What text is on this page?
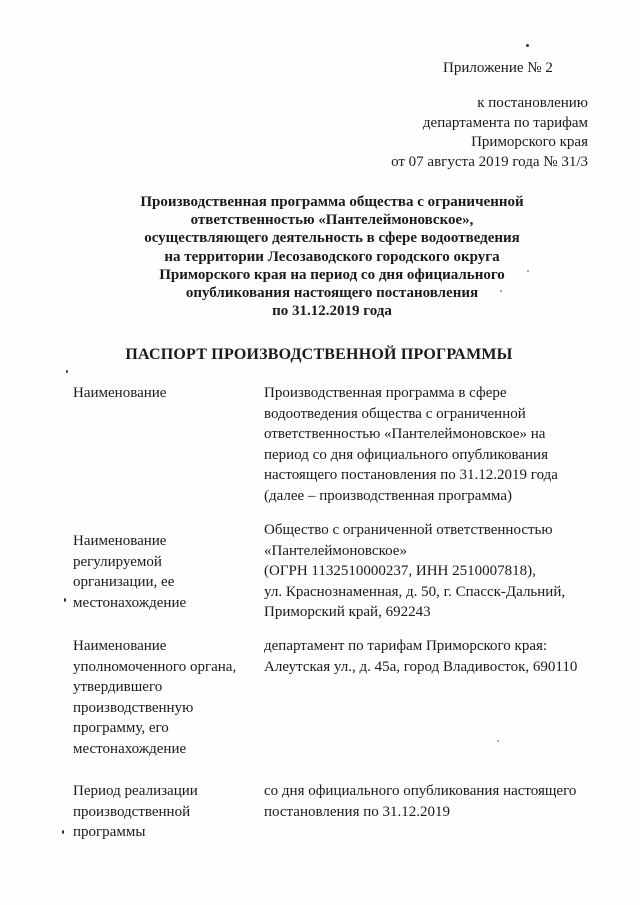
Приложение № 2
к постановлению
департамента по тарифам
Приморского края
от 07 августа 2019 года № 31/3
Производственная программа общества с ограниченной
ответственностью «Пантелеймоновское»,
осуществляющего деятельность в сфере водоотведения
на территории Лесозаводского городского округа
Приморского края на период со дня официального
опубликования настоящего постановления
по 31.12.2019 года
ПАСПОРТ ПРОИЗВОДСТВЕННОЙ ПРОГРАММЫ
Наименование	Производственная программа в сфере
водоотведения общества с ограниченной
ответственностью «Пантелеймоновское» на
период со дня официального опубликования
настоящего постановления по 31.12.2019 года
(далее – производственная программа)
Наименование
регулируемой
организации, ее
местонахождение
Общество с ограниченной ответственностью
«Пантелеймоновское»
(ОГРН 1132510000237, ИНН 2510007818),
ул. Краснознаменная, д. 50, г. Спасск-Дальний,
Приморский край, 692243
Наименование
уполномоченного органа,
утвердившего
производственную
программу, его
местонахождение
департамент по тарифам Приморского края:
Алеутская ул., д. 45а, город Владивосток, 690110
Период реализации
производственной
программы
со дня официального опубликования настоящего
постановления по 31.12.2019
